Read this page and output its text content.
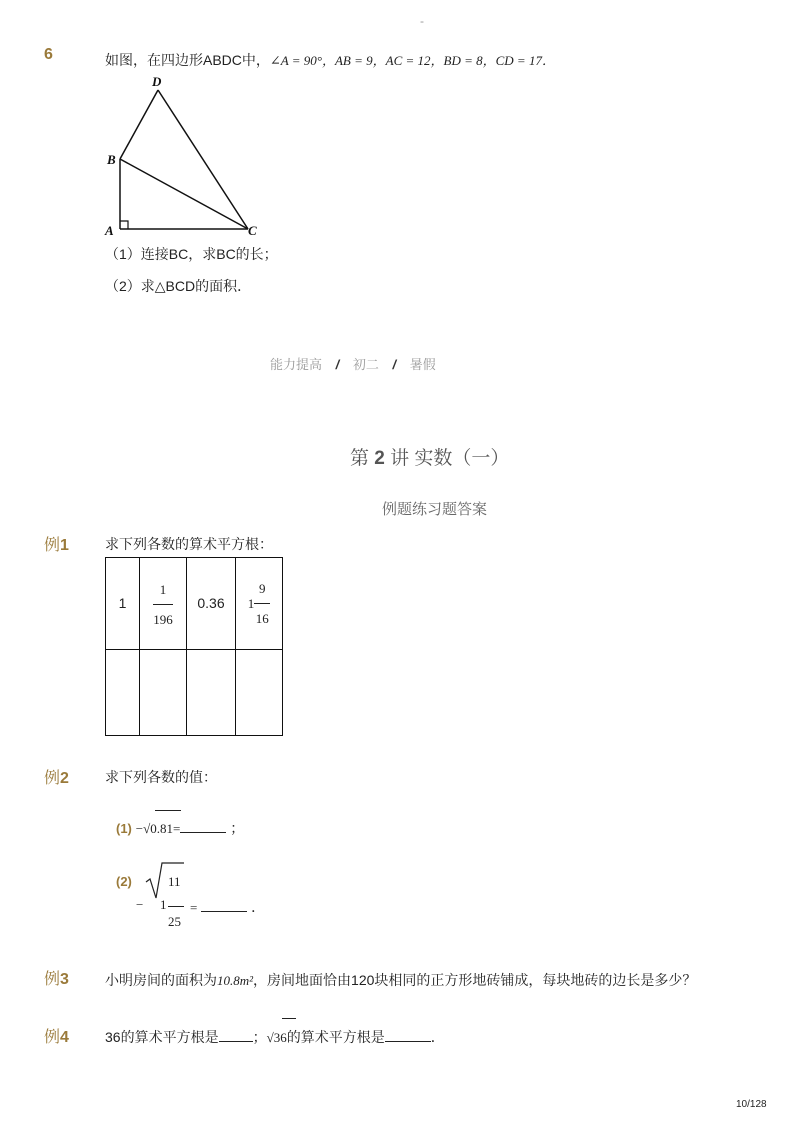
-
6	如图，在四边形ABDC中，∠A = 90°，AB = 9，AC = 12，BD = 8，CD = 17．
D
B
A	C
（1）连接BC，求BC的长；
（2）求△BCD的面积．
能力提高 / 初二 / 暑假
第 2 讲 实数（一）
例题练习题答案
例1	求下列各数的算术平方根：
1	$\frac{1}{196}$	0.36	$1 \frac{9}{16}$

例2	求下列各数的值：
(1) −√0.81=	；
(2)	11
− 1
25
=	．
例3	小明房间的面积为10.8m²，房间地面恰由120块相同的正方形地砖铺成，每块地砖的边长是多少？
例4	36的算术平方根是 ；√36的算术平方根是	．
10/128
